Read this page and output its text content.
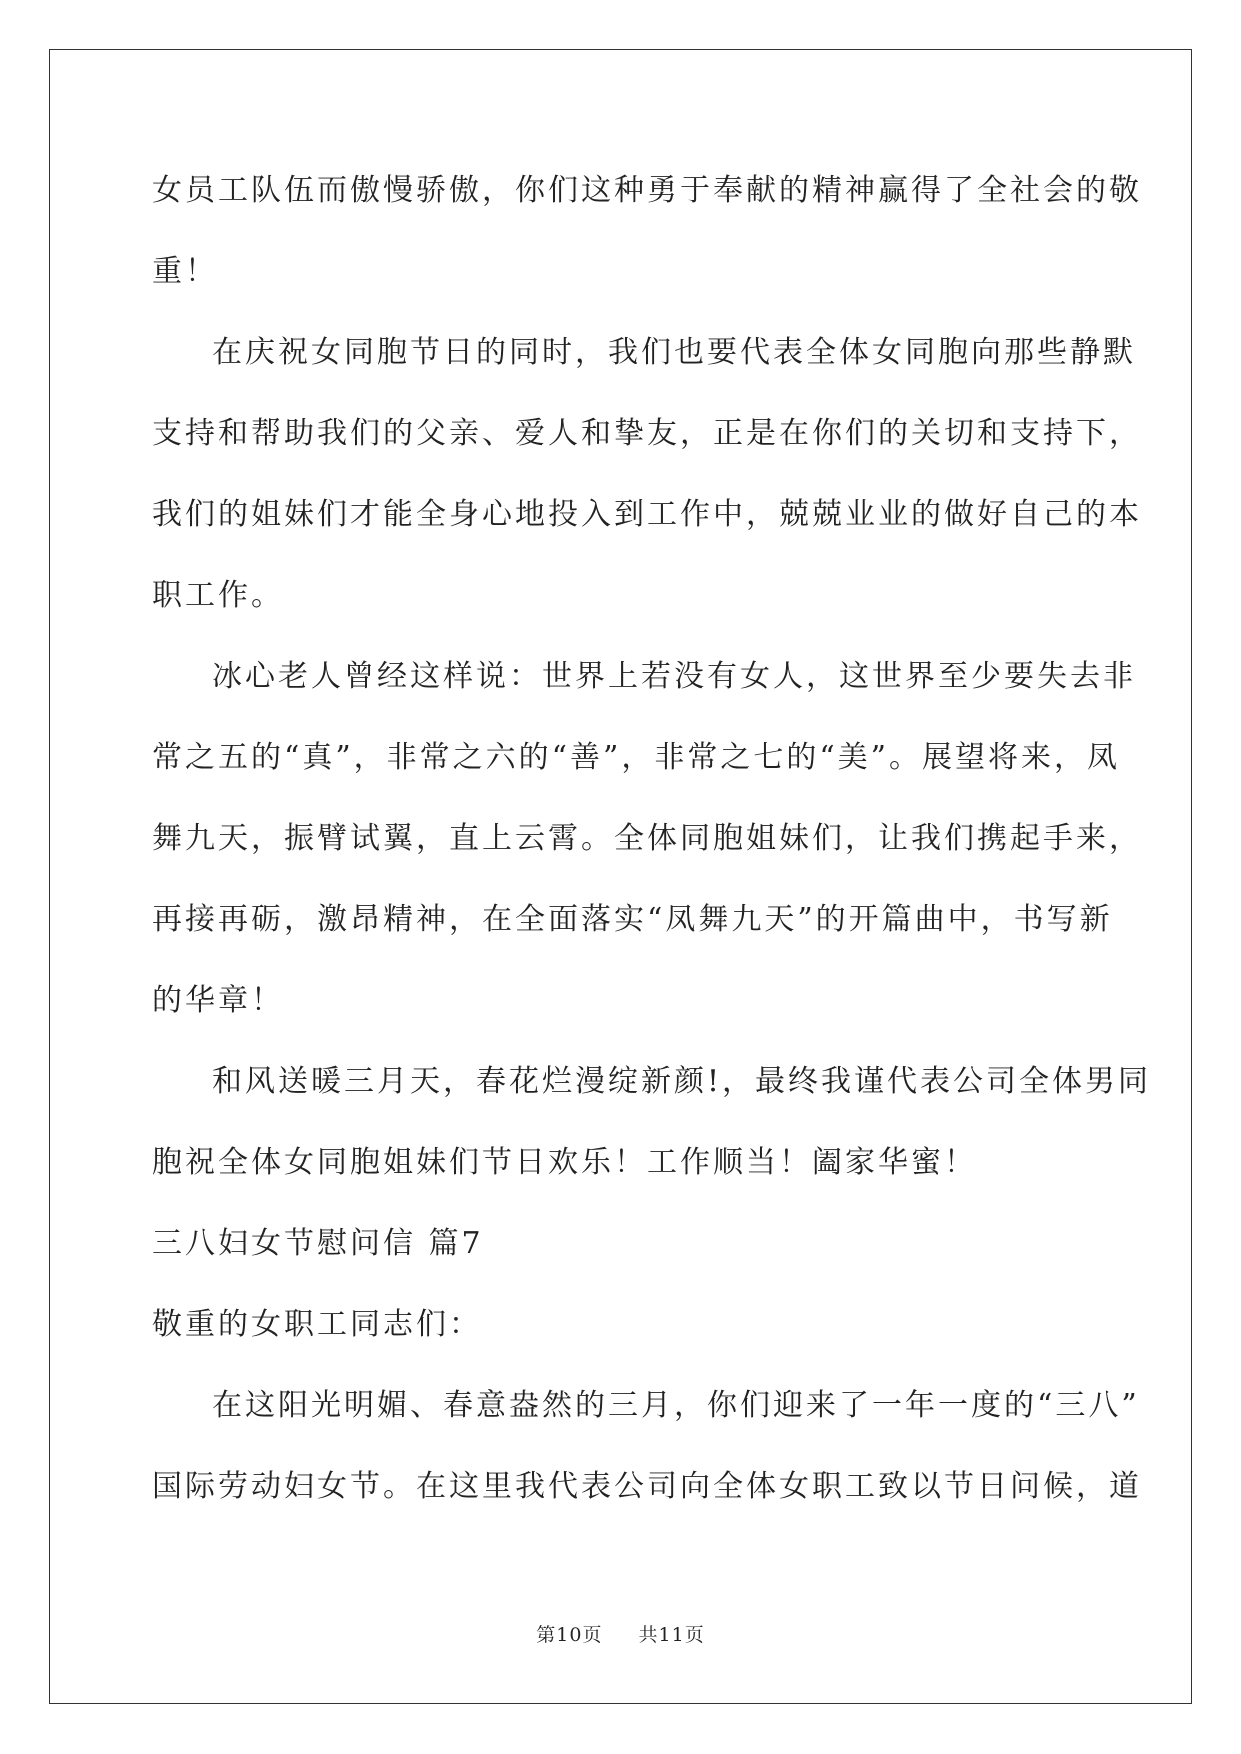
女员工队伍而傲慢骄傲，你们这种勇于奉献的精神赢得了全社会的敬
重！
在庆祝女同胞节日的同时，我们也要代表全体女同胞向那些静默
支持和帮助我们的父亲、爱人和挚友，正是在你们的关切和支持下，
我们的姐妹们才能全身心地投入到工作中，兢兢业业的做好自己的本
职工作。
冰心老人曾经这样说：世界上若没有女人，这世界至少要失去非
常之五的“真”，非常之六的“善”，非常之七的“美”。展望将来，凤
舞九天，振臂试翼，直上云霄。全体同胞姐妹们，让我们携起手来，
再接再砺，激昂精神，在全面落实“凤舞九天”的开篇曲中，书写新
的华章！
和风送暖三月天，春花烂漫绽新颜!，最终我谨代表公司全体男同
胞祝全体女同胞姐妹们节日欢乐！工作顺当！阖家华蜜！
三八妇女节慰问信 篇7
敬重的女职工同志们：
在这阳光明媚、春意盎然的三月，你们迎来了一年一度的“三八”
国际劳动妇女节。在这里我代表公司向全体女职工致以节日问候，道
第10页 共11页
